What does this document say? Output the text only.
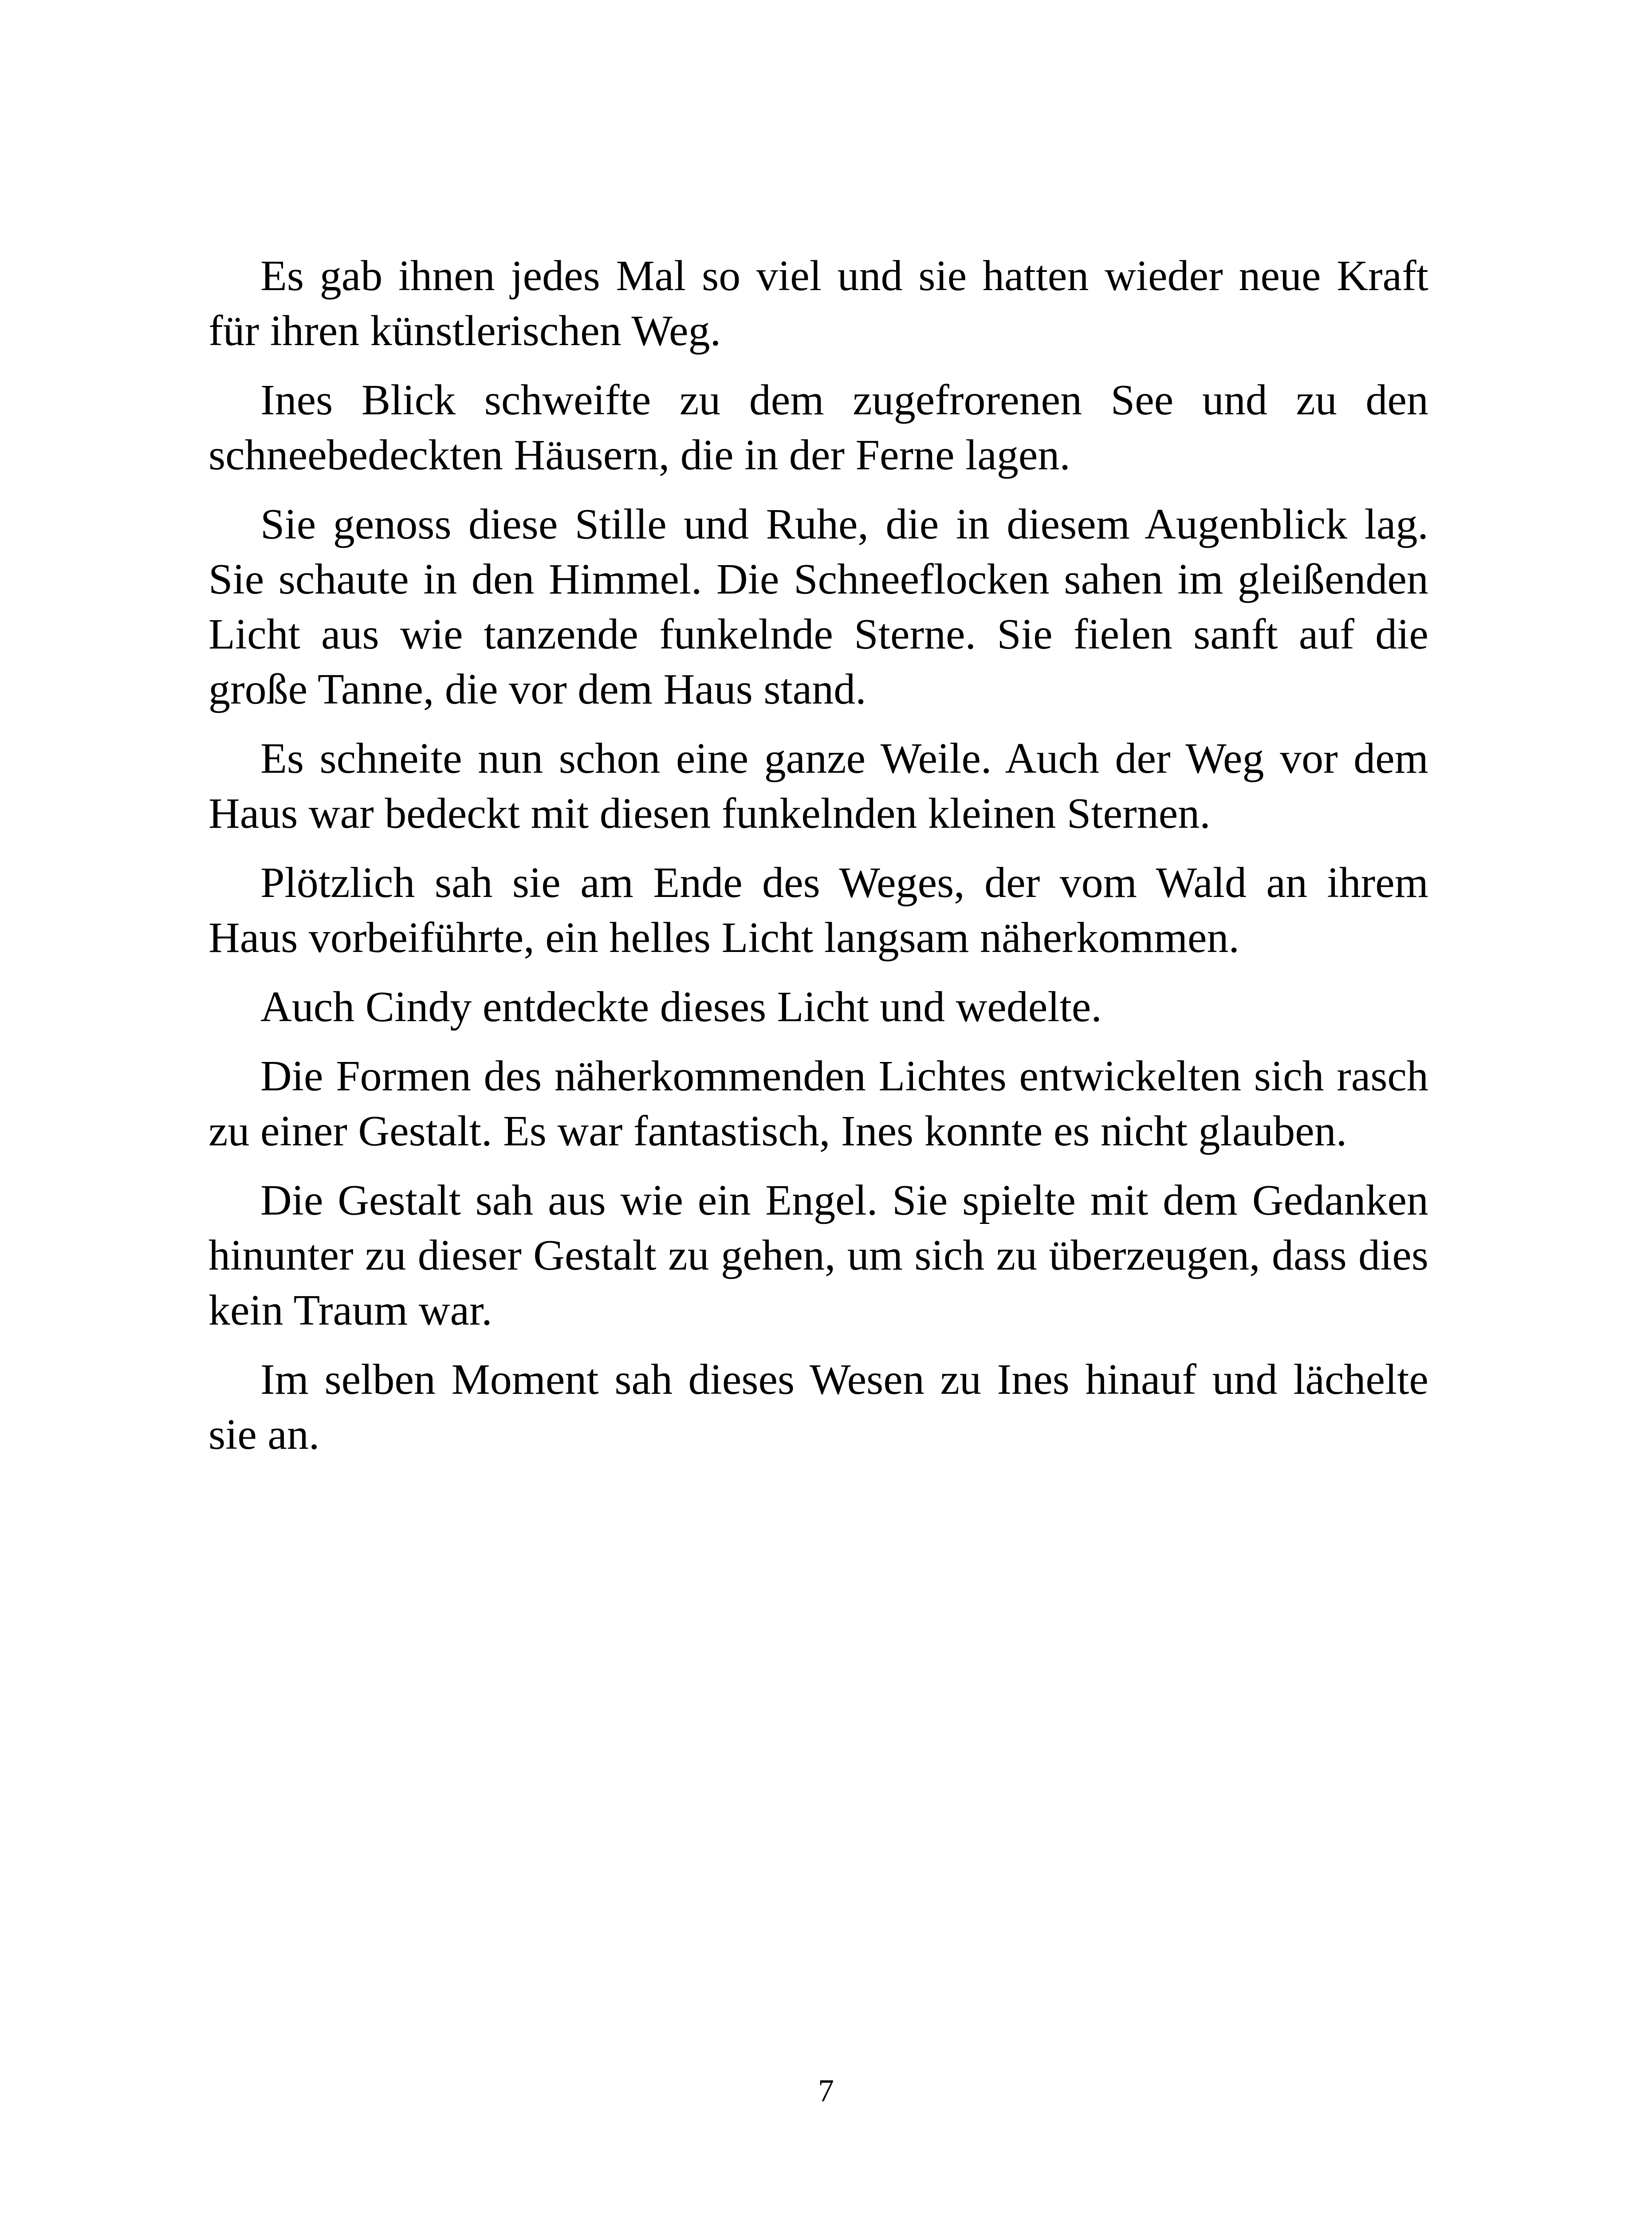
Es gab ihnen jedes Mal so viel und sie hatten wieder neue Kraft für ihren künstlerischen Weg.

Ines Blick schweifte zu dem zugefrorenen See und zu den schneebedeckten Häusern, die in der Ferne lagen.

Sie genoss diese Stille und Ruhe, die in diesem Augenblick lag. Sie schaute in den Himmel. Die Schneeflocken sahen im gleißenden Licht aus wie tanzende funkelnde Sterne. Sie fielen sanft auf die große Tanne, die vor dem Haus stand.

Es schneite nun schon eine ganze Weile. Auch der Weg vor dem Haus war bedeckt mit diesen funkelnden kleinen Sternen.

Plötzlich sah sie am Ende des Weges, der vom Wald an ihrem Haus vorbeiführte, ein helles Licht langsam näherkommen.

Auch Cindy entdeckte dieses Licht und wedelte.

Die Formen des näherkommenden Lichtes entwickelten sich rasch zu einer Gestalt. Es war fantastisch, Ines konnte es nicht glauben.

Die Gestalt sah aus wie ein Engel. Sie spielte mit dem Gedanken hinunter zu dieser Gestalt zu gehen, um sich zu überzeugen, dass dies kein Traum war.

Im selben Moment sah dieses Wesen zu Ines hinauf und lächelte sie an.

7
